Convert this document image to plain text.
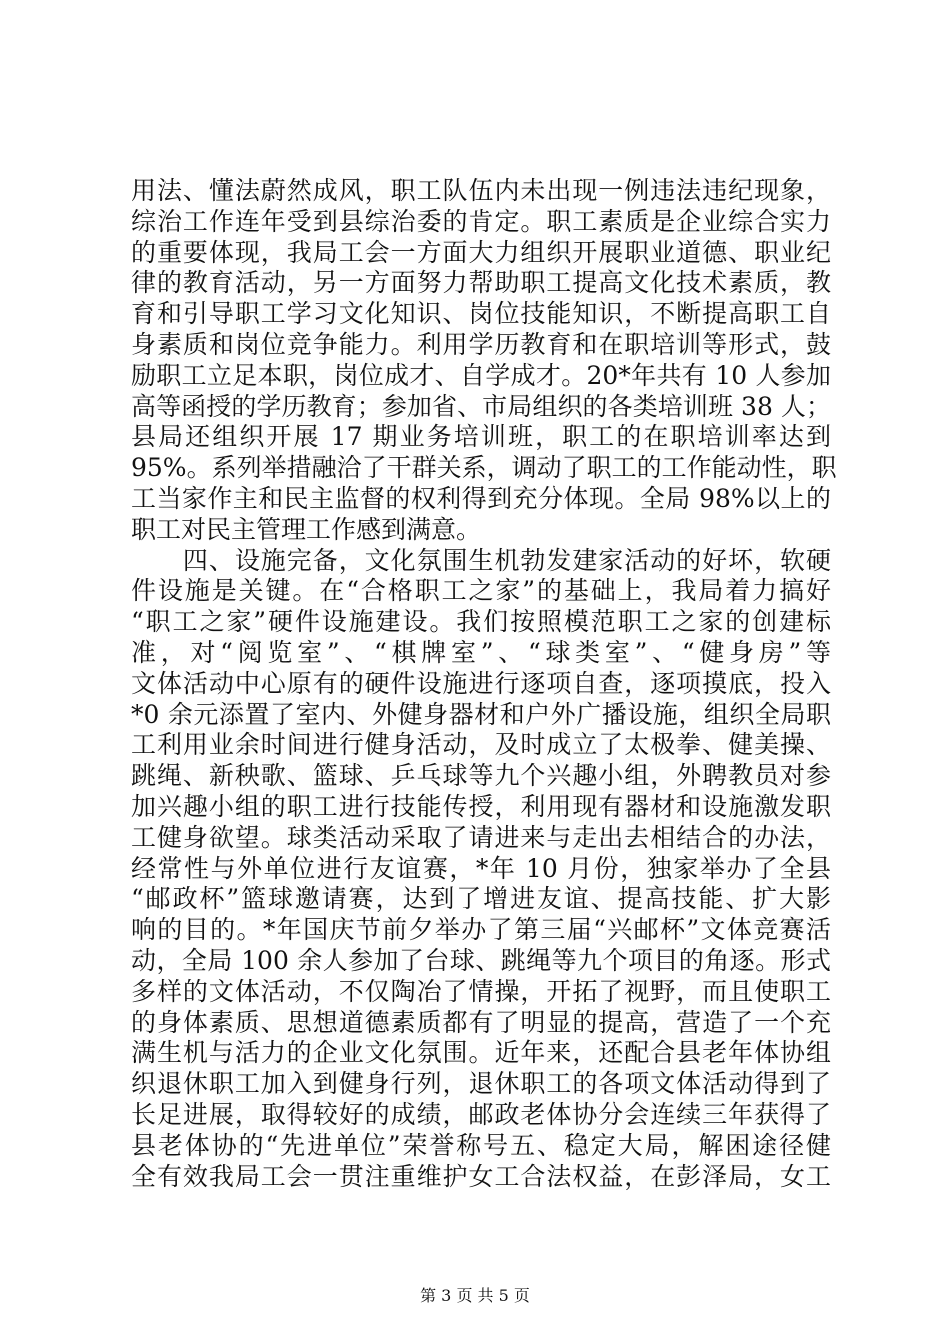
用法、懂法蔚然成风，职工队伍内未出现一例违法违纪现象，
综治工作连年受到县综治委的肯定。职工素质是企业综合实力
的重要体现，我局工会一方面大力组织开展职业道德、职业纪
律的教育活动，另一方面努力帮助职工提高文化技术素质，教
育和引导职工学习文化知识、岗位技能知识，不断提高职工自
身素质和岗位竞争能力。利用学历教育和在职培训等形式，鼓
励职工立足本职，岗位成才、自学成才。20*年共有 10 人参加
高等函授的学历教育；参加省、市局组织的各类培训班 38 人；
县局还组织开展 17 期业务培训班，职工的在职培训率达到
95%。系列举措融洽了干群关系，调动了职工的工作能动性，职
工当家作主和民主监督的权利得到充分体现。全局 98%以上的
职工对民主管理工作感到满意。
　　四、设施完备，文化氛围生机勃发建家活动的好坏，软硬
件设施是关键。在“合格职工之家”的基础上，我局着力搞好
“职工之家”硬件设施建设。我们按照模范职工之家的创建标
准，对“阅览室”、“棋牌室”、“球类室”、“健身房”等
文体活动中心原有的硬件设施进行逐项自查，逐项摸底，投入
*0 余元添置了室内、外健身器材和户外广播设施，组织全局职
工利用业余时间进行健身活动，及时成立了太极拳、健美操、
跳绳、新秧歌、篮球、乒乓球等九个兴趣小组，外聘教员对参
加兴趣小组的职工进行技能传授，利用现有器材和设施激发职
工健身欲望。球类活动采取了请进来与走出去相结合的办法，
经常性与外单位进行友谊赛，*年 10 月份，独家举办了全县
“邮政杯”篮球邀请赛，达到了增进友谊、提高技能、扩大影
响的目的。*年国庆节前夕举办了第三届“兴邮杯”文体竞赛活
动，全局 100 余人参加了台球、跳绳等九个项目的角逐。形式
多样的文体活动，不仅陶冶了情操，开拓了视野，而且使职工
的身体素质、思想道德素质都有了明显的提高，营造了一个充
满生机与活力的企业文化氛围。近年来，还配合县老年体协组
织退休职工加入到健身行列，退休职工的各项文体活动得到了
长足进展，取得较好的成绩，邮政老体协分会连续三年获得了
县老体协的“先进单位”荣誉称号五、稳定大局，解困途径健
全有效我局工会一贯注重维护女工合法权益，在彭泽局，女工
第 3 页 共 5 页
